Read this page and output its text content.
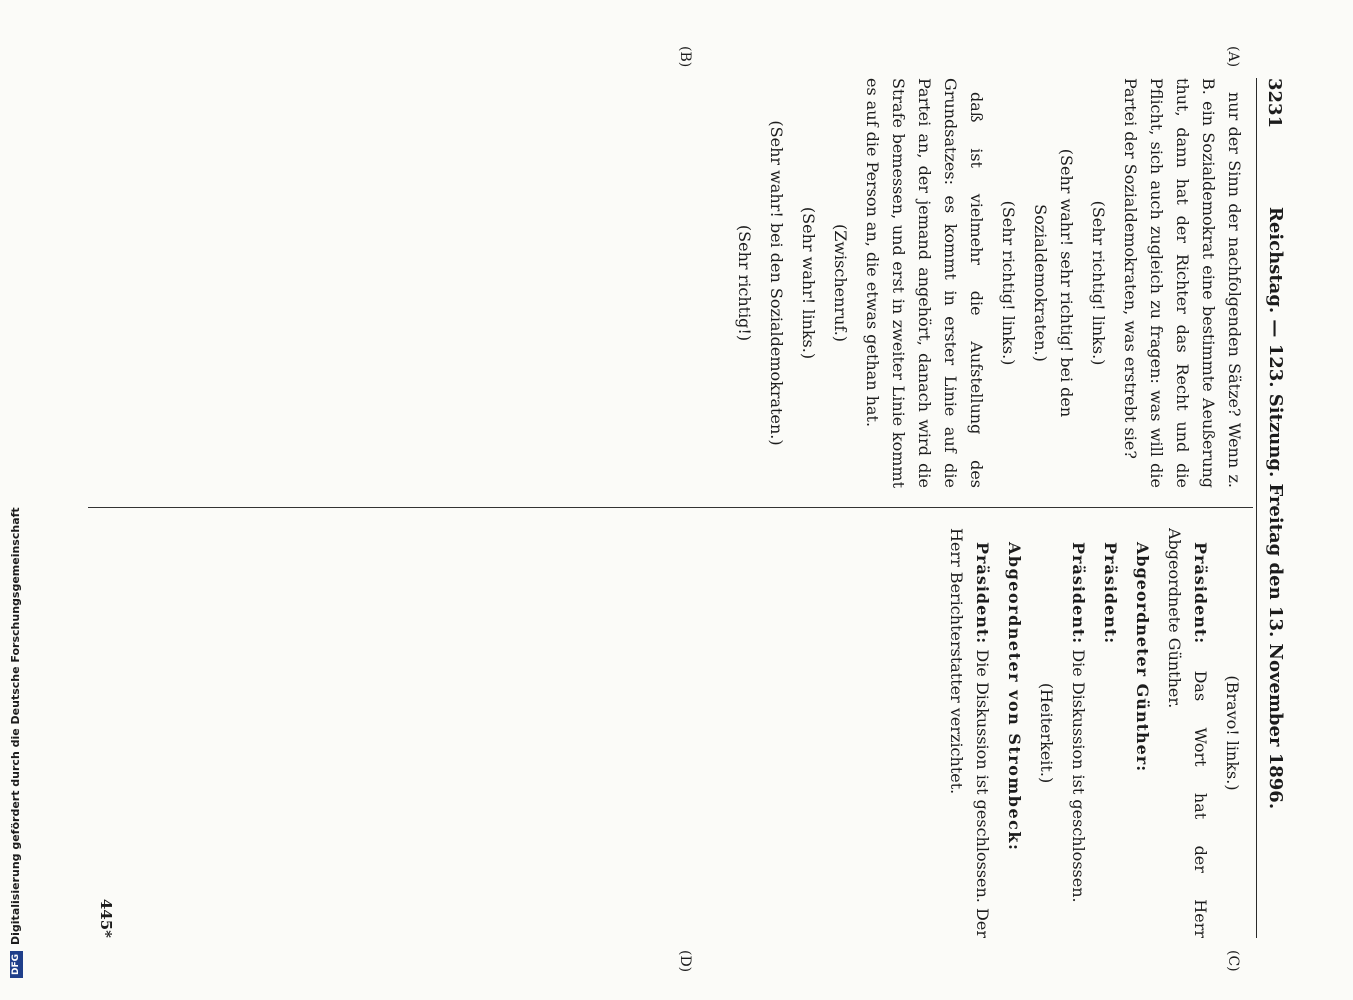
3231
Reichstag. — 123. Sitzung. Freitag den 13. November 1896.
(A)
(B)
(C)
(D)

nur der Sinn der nachfolgenden Sätze? Wenn z. B. ein Sozialdemokrat eine bestimmte Aeußerung thut, dann hat der Richter das Recht und die Pflicht, sich auch zugleich zu fragen: was will die Partei der Sozialdemokraten, was erstrebt sie?

(Sehr richtig! links.)

(Sehr wahr! sehr richtig! bei den Sozialdemokraten.)

(Sehr richtig! links.)

daß ist vielmehr die Aufstellung des Grundsatzes: es kommt in erster Linie auf die Partei an, der jemand angehört, danach wird die Strafe bemessen, und erst in zweiter Linie kommt es auf die Person an, die etwas gethan hat.

(Zwischenruf.)

(Sehr wahr! links.)

(Sehr wahr! bei den Sozialdemokraten.)

(Sehr richtig!)

(Bravo! links.)

Präsident: Das Wort hat der Herr Abgeordnete Günther.

Abgeordneter Günther:

Präsident:

Präsident: Die Diskussion ist geschlossen.

(Heiterkeit.)

Abgeordneter von Strombeck:

Präsident: Die Diskussion ist geschlossen. Der Herr Berichterstatter verzichtet.

445*
DFGDigitalisierung gefördert durch die Deutsche Forschungsgemeinschaft
